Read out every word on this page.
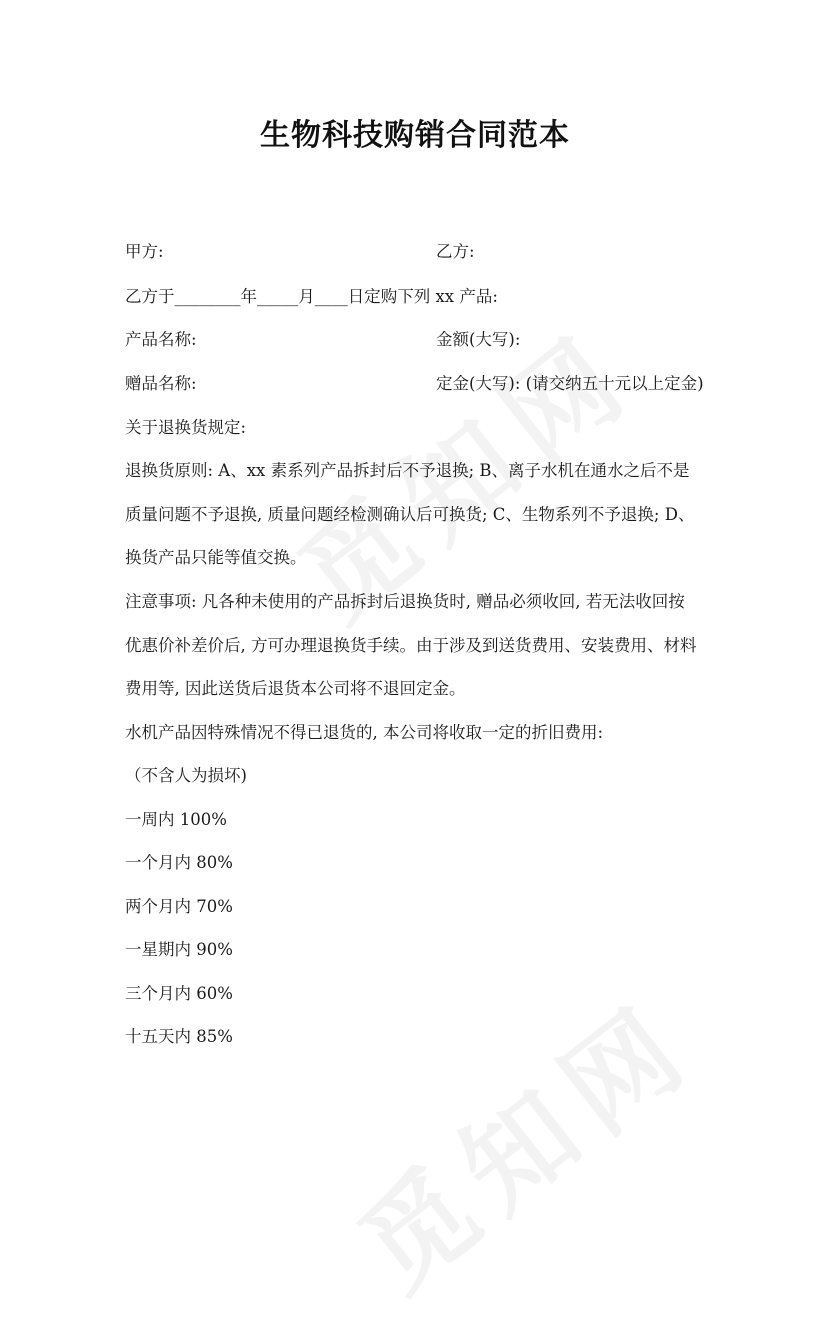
生物科技购销合同范本
甲方:	乙方:
乙方于________年_____月____日定购下列 xx 产品:
产品名称:	金额(大写):
赠品名称:	定金(大写): (请交纳五十元以上定金)
关于退换货规定:
退换货原则: A、xx 素系列产品拆封后不予退换; B、离子水机在通水之后不是
质量问题不予退换, 质量问题经检测确认后可换货; C、生物系列不予退换; D、
换货产品只能等值交换。
注意事项: 凡各种未使用的产品拆封后退换货时, 赠品必须收回, 若无法收回按
优惠价补差价后, 方可办理退换货手续。由于涉及到送货费用、安装费用、材料
费用等, 因此送货后退货本公司将不退回定金。
水机产品因特殊情况不得已退货的, 本公司将收取一定的折旧费用:
（不含人为损坏)
一周内 100%
一个月内 80%
两个月内 70%
一星期内 90%
三个月内 60%
十五天内 85%
